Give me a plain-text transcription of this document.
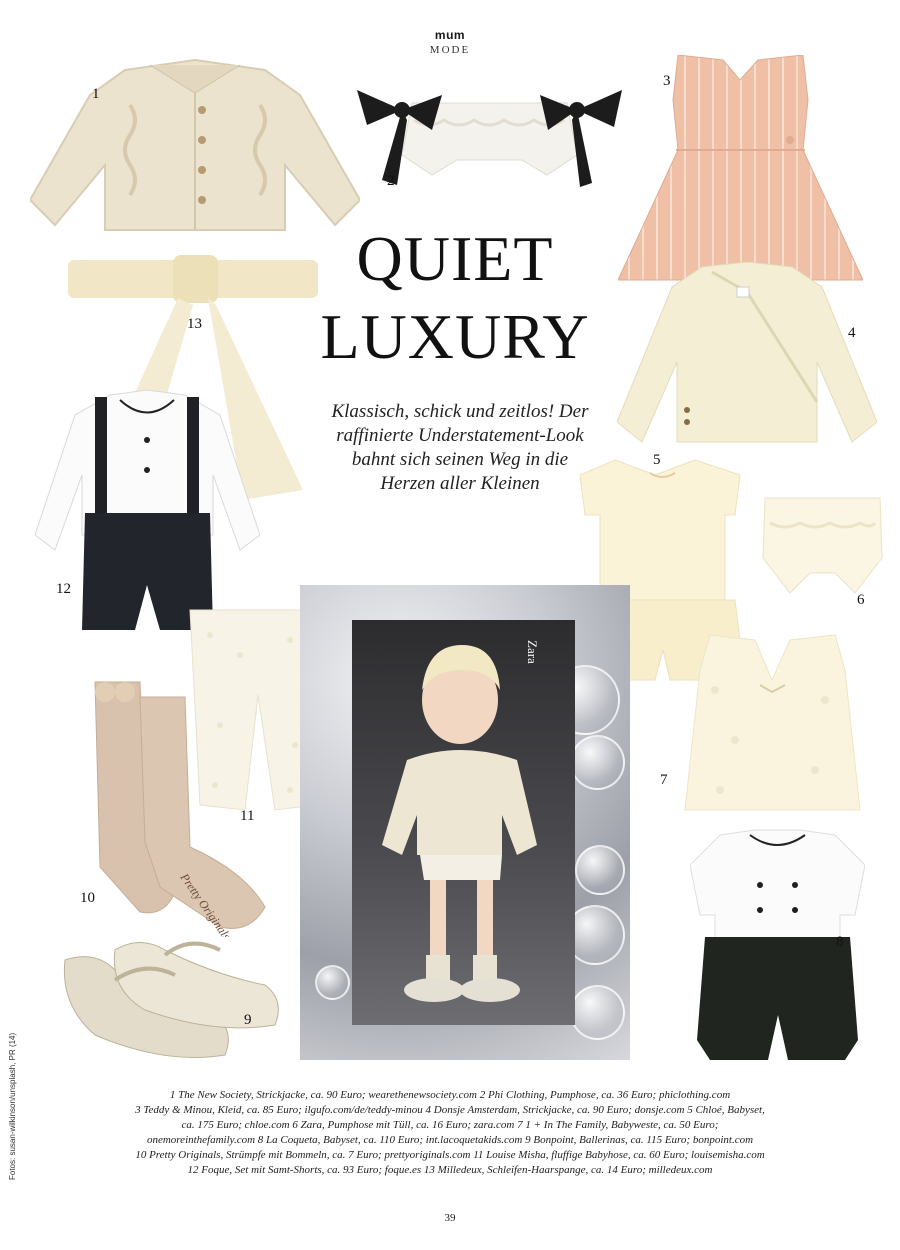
mum
MODE
QUIET
LUXURY
Klassisch, schick und zeitlos! Der raffinierte Understatement-Look bahnt sich seinen Weg in die Herzen aller Kleinen
1
2
3
13
4
12
5
6
11
Zara
7
Pretty Originals
10
8
9
1 The New Society, Strickjacke, ca. 90 Euro; wearethenewsociety.com 2 Phi Clothing, Pumphose, ca. 36 Euro; phiclothing.com
3 Teddy & Minou, Kleid, ca. 85 Euro; ilgufo.com/de/teddy-minou 4 Donsje Amsterdam, Strickjacke, ca. 90 Euro; donsje.com 5 Chloé, Babyset,
ca. 175 Euro; chloe.com 6 Zara, Pumphose mit Tüll, ca. 16 Euro; zara.com 7 1 + In The Family, Babyweste, ca. 50 Euro;
onemoreinthefamily.com 8 La Coqueta, Babyset, ca. 110 Euro; int.lacoquetakids.com 9 Bonpoint, Ballerinas, ca. 115 Euro; bonpoint.com
10 Pretty Originals, Strümpfe mit Bommeln, ca. 7 Euro; prettyoriginals.com 11 Louise Misha, fluffige Babyhose, ca. 60 Euro; louisemisha.com
12 Foque, Set mit Samt-Shorts, ca. 93 Euro; foque.es 13 Milledeux, Schleifen-Haarspange, ca. 14 Euro; milledeux.com
39
Fotos: susan-wilkinson/unsplash, PR (14)
